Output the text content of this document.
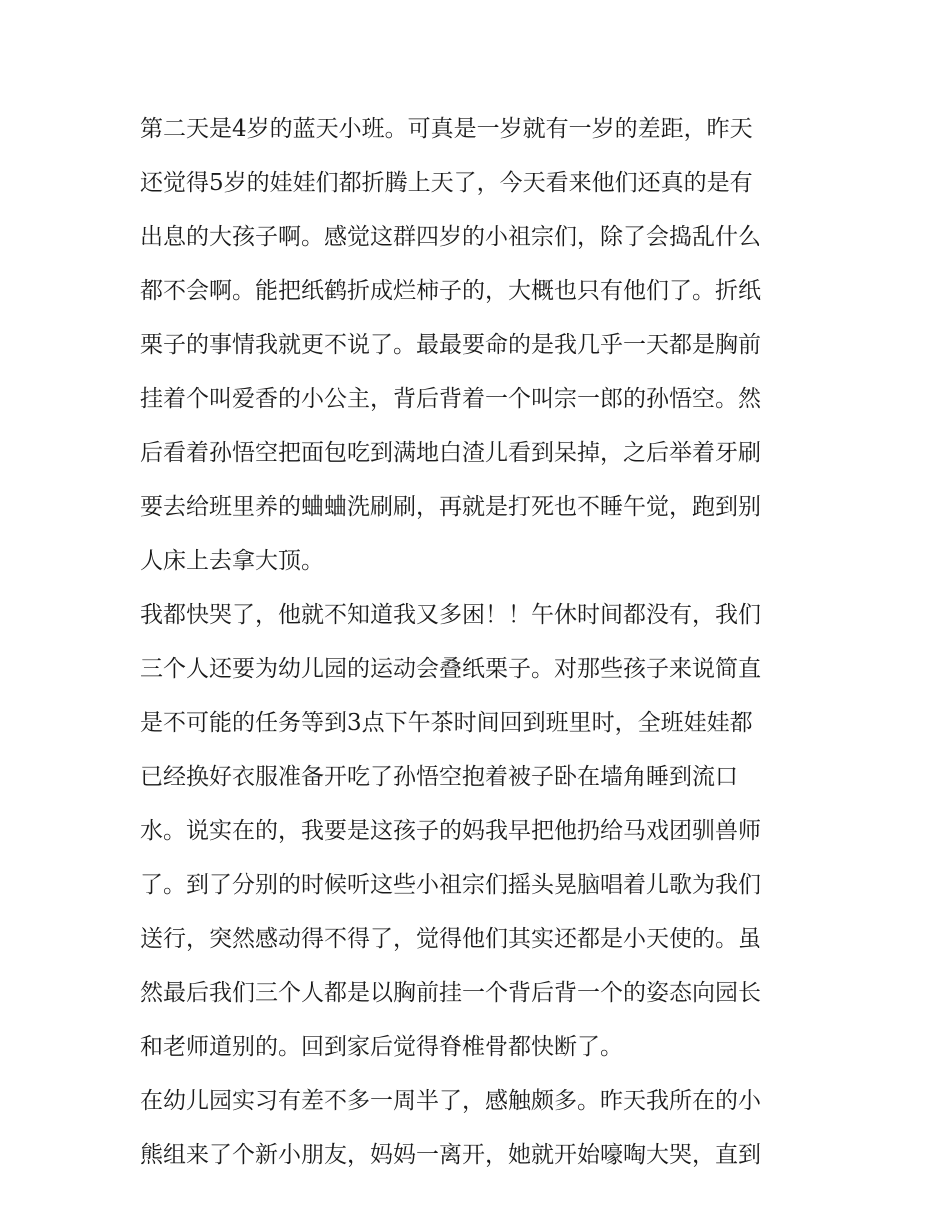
第二天是4岁的蓝天小班。可真是一岁就有一岁的差距，昨天
还觉得5岁的娃娃们都折腾上天了，今天看来他们还真的是有
出息的大孩子啊。感觉这群四岁的小祖宗们，除了会捣乱什么
都不会啊。能把纸鹤折成烂柿子的，大概也只有他们了。折纸
栗子的事情我就更不说了。最最要命的是我几乎一天都是胸前
挂着个叫爱香的小公主，背后背着一个叫宗一郎的孙悟空。然
后看着孙悟空把面包吃到满地白渣儿看到呆掉，之后举着牙刷
要去给班里养的蛐蛐洗刷刷，再就是打死也不睡午觉，跑到别
人床上去拿大顶。
我都快哭了，他就不知道我又多困！！午休时间都没有，我们
三个人还要为幼儿园的运动会叠纸栗子。对那些孩子来说简直
是不可能的任务等到3点下午茶时间回到班里时，全班娃娃都
已经换好衣服准备开吃了孙悟空抱着被子卧在墙角睡到流口
水。说实在的，我要是这孩子的妈我早把他扔给马戏团驯兽师
了。到了分别的时候听这些小祖宗们摇头晃脑唱着儿歌为我们
送行，突然感动得不得了，觉得他们其实还都是小天使的。虽
然最后我们三个人都是以胸前挂一个背后背一个的姿态向园长
和老师道别的。回到家后觉得脊椎骨都快断了。
在幼儿园实习有差不多一周半了，感触颇多。昨天我所在的小
熊组来了个新小朋友，妈妈一离开，她就开始嚎啕大哭，直到
